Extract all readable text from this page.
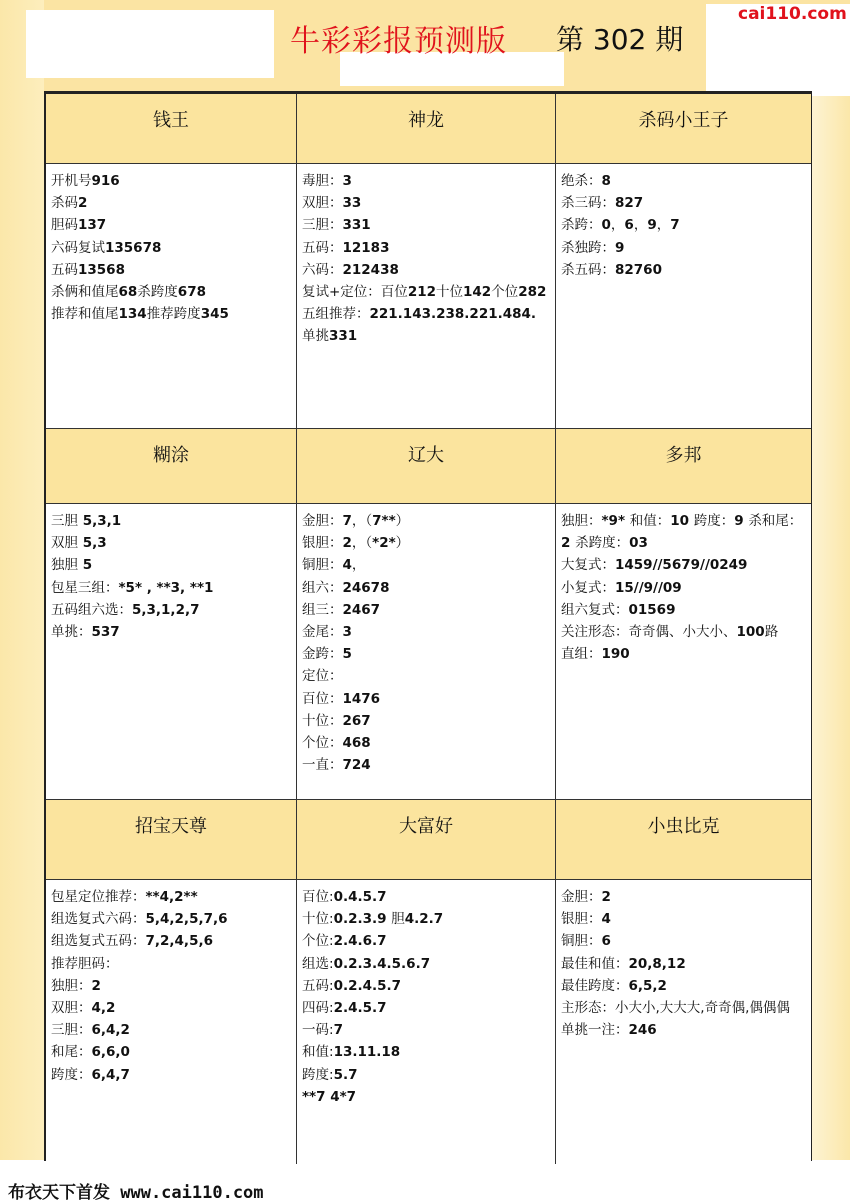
牛彩彩报预测版 第 302 期
cai110.com
钱王
开机号916
杀码2
胆码137
六码复试135678
五码13568
杀俩和值尾68杀跨度678
推荐和值尾134推荐跨度345
神龙
毒胆：3
双胆：33
三胆：331
五码：12183
六码：212438
复试+定位：百位212十位142个位282
五组推荐：221.143.238.221.484.
单挑331
杀码小王子
绝杀：8
杀三码：827
杀跨：0，6，9，7
杀独跨：9
杀五码：82760
糊涂
三胆 5,3,1
双胆 5,3
独胆 5
包星三组：*5* , **3, **1
五码组六选：5,3,1,2,7
单挑：537
辽大
金胆：7，（7**）
银胆：2，（*2*）
铜胆：4，
组六：24678
组三：2467
金尾：3
金跨：5
定位：
百位：1476
十位：267
个位：468
一直：724
多邦
独胆：*9* 和值：10 跨度：9 杀和尾：2 杀跨度：03
大复式：1459//5679//0249
小复式：15//9//09
组六复式：01569
关注形态：奇奇偶、小大小、100路
直组：190
招宝天尊
包星定位推荐：**4,2**
组选复式六码：5,4,2,5,7,6
组选复式五码：7,2,4,5,6
推荐胆码：
独胆：2
双胆：4,2
三胆：6,4,2
和尾：6,6,0
跨度：6,4,7
大富好
百位:0.4.5.7
十位:0.2.3.9 胆4.2.7
个位:2.4.6.7
组选:0.2.3.4.5.6.7
五码:0.2.4.5.7
四码:2.4.5.7
一码:7
和值:13.11.18
跨度:5.7
**7 4*7
小虫比克
金胆：2
银胆：4
铜胆：6
最佳和值：20,8,12
最佳跨度：6,5,2
主形态：小大小,大大大,奇奇偶,偶偶偶
单挑一注：246
布衣天下首发 www.cai110.com
